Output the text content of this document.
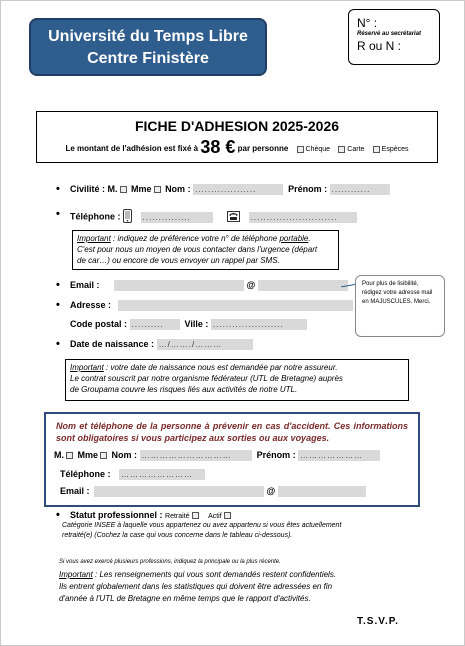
Université du Temps Libre
Centre Finistère
N° :
Réservé au secrétariat
R ou N :
FICHE D'ADHESION 2025-2026
Le montant de l'adhésion est fixé à 38 € par personne Chèque Carte Espèces
• Civilité : M. Mme Nom : ...................	Prénom : ............
• Téléphone :	...............	...........................
Important : indiquez de préférence votre n° de téléphone portable.
C'est pour nous un moyen de vous contacter dans l'urgence (départ
de car…) ou encore de vous envoyer un rappel par SMS.
• Email :	@	Pour plus de lisibilité, rédigez votre adresse mail en MAJUSCULES. Merci.
• Adresse :
Code postal : .......... Ville : ......................
• Date de naissance : …/……./………
Important : votre date de naissance nous est demandée par notre assureur.
Le contrat souscrit par notre organisme fédérateur (UTL de Bretagne) auprès
de Groupama couvre les risques liés aux activités de notre UTL.
Nom et téléphone de la personne à prévenir en cas d'accident. Ces informations sont obligatoires si vous participez aux sorties ou aux voyages.
M. Mme Nom : …………………………	Prénom : …………………
Téléphone : ……………………
Email :	@
• Statut professionnel : Retraité	Actif
Catégorie INSEE à laquelle vous appartenez ou avez appartenu si vous êtes actuellement
retraité(e) (Cochez la case qui vous concerne dans le tableau ci-dessous).
Si vous avez exercé plusieurs professions, indiquez la principale ou la plus récente.
Important : Les renseignements qui vous sont demandés restent confidentiels.
Ils entrent globalement dans les statistiques qui doivent être adressées en fin
d'année à l'UTL de Bretagne en même temps que le rapport d'activités.
T.S.V.P.
